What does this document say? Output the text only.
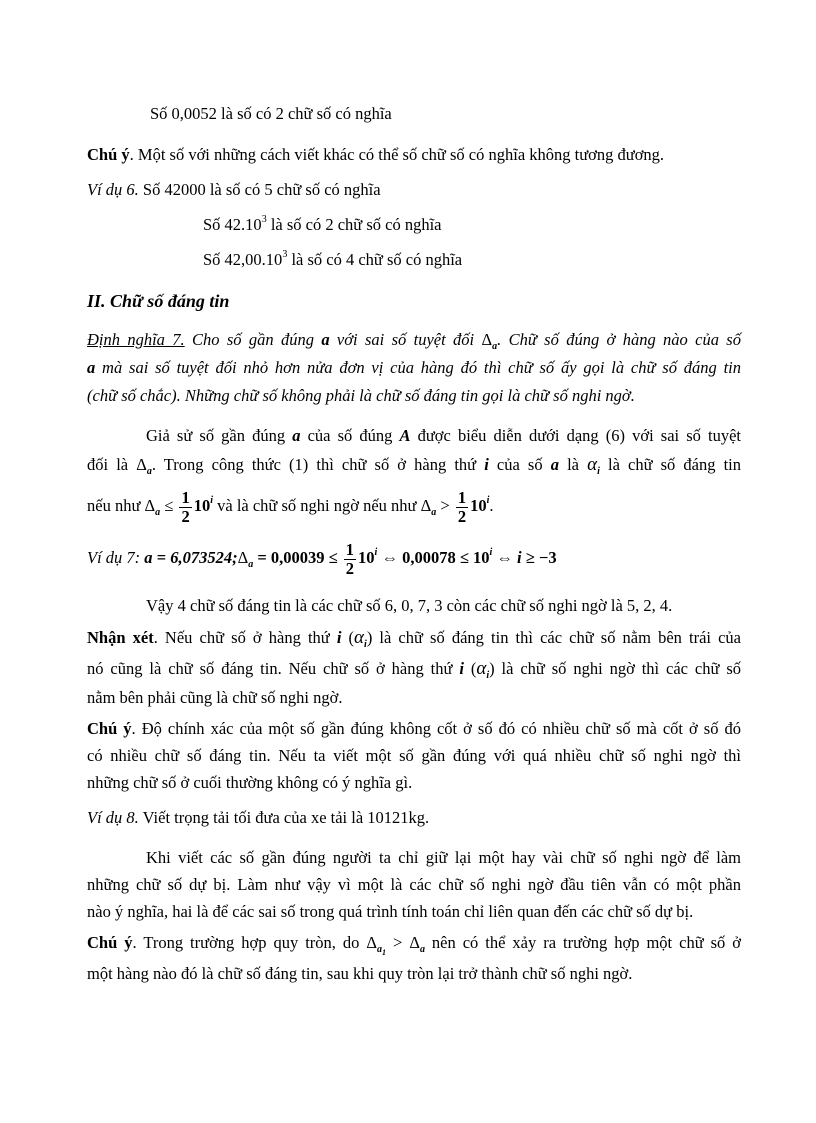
Số 0,0052 là số có 2 chữ số có nghĩa
Chú ý. Một số với những cách viết khác có thể số chữ số có nghĩa không tương đương.
Ví dụ 6. Số 42000 là số có 5 chữ số có nghĩa
Số 42.10$^3$ là số có 2 chữ số có nghĩa
Số 42,00.10$^3$ là số có 4 chữ số có nghĩa
II. Chữ số đáng tin
Định nghĩa 7. Cho số gần đúng a với sai số tuyệt đối $\Delta_a$. Chữ số đúng ở hàng nào của số
a mà sai số tuyệt đối nhỏ hơn nửa đơn vị của hàng đó thì chữ số ấy gọi là chữ số đáng tin
(chữ số chắc). Những chữ số không phải là chữ số đáng tin gọi là chữ số nghi ngờ.
Giả sử số gần đúng a của số đúng A được biểu diễn dưới dạng (6) với sai số tuyệt
đối là $\Delta_a$. Trong công thức (1) thì chữ số ở hàng thứ i của số a là $\alpha_i$ là chữ số đáng tin
nếu như $\Delta_a \le \frac{1}{2} 10^i$ và là chữ số nghi ngờ nếu như $\Delta_a > \frac{1}{2} 10^i$.
Ví dụ 7: $a = 6,073524;\Delta_a = 0,00039 \le \frac{1}{2} 10^i$ ⇔ $0,00078 \le 10^i$ ⇔ i ≥ −3
Vậy 4 chữ số đáng tin là các chữ số 6, 0, 7, 3 còn các chữ số nghi ngờ là 5, 2, 4.
Nhận xét. Nếu chữ số ở hàng thứ i $(\alpha_i)$ là chữ số đáng tin thì các chữ số nằm bên trái của
nó cũng là chữ số đáng tin. Nếu chữ số ở hàng thứ i $(\alpha_i)$ là chữ số nghi ngờ thì các chữ số
nằm bên phải cũng là chữ số nghi ngờ.
Chú ý. Độ chính xác của một số gần đúng không cốt ở số đó có nhiều chữ số mà cốt ở số đó
có nhiều chữ số đáng tin. Nếu ta viết một số gần đúng với quá nhiều chữ số nghi ngờ thì
những chữ số ở cuối thường không có ý nghĩa gì.
Ví dụ 8. Viết trọng tải tối đưa của xe tải là 10121kg.
Khi viết các số gần đúng người ta chỉ giữ lại một hay vài chữ số nghi ngờ để làm
những chữ số dự bị. Làm như vậy vì một là các chữ số nghi ngờ đầu tiên vẫn có một phần
nào ý nghĩa, hai là để các sai số trong quá trình tính toán chỉ liên quan đến các chữ số dự bị.
Chú ý. Trong trường hợp quy tròn, do $\Delta_{a_1} > \Delta_a$ nên có thể xảy ra trường hợp một chữ số ở
một hàng nào đó là chữ số đáng tin, sau khi quy tròn lại trở thành chữ số nghi ngờ.
